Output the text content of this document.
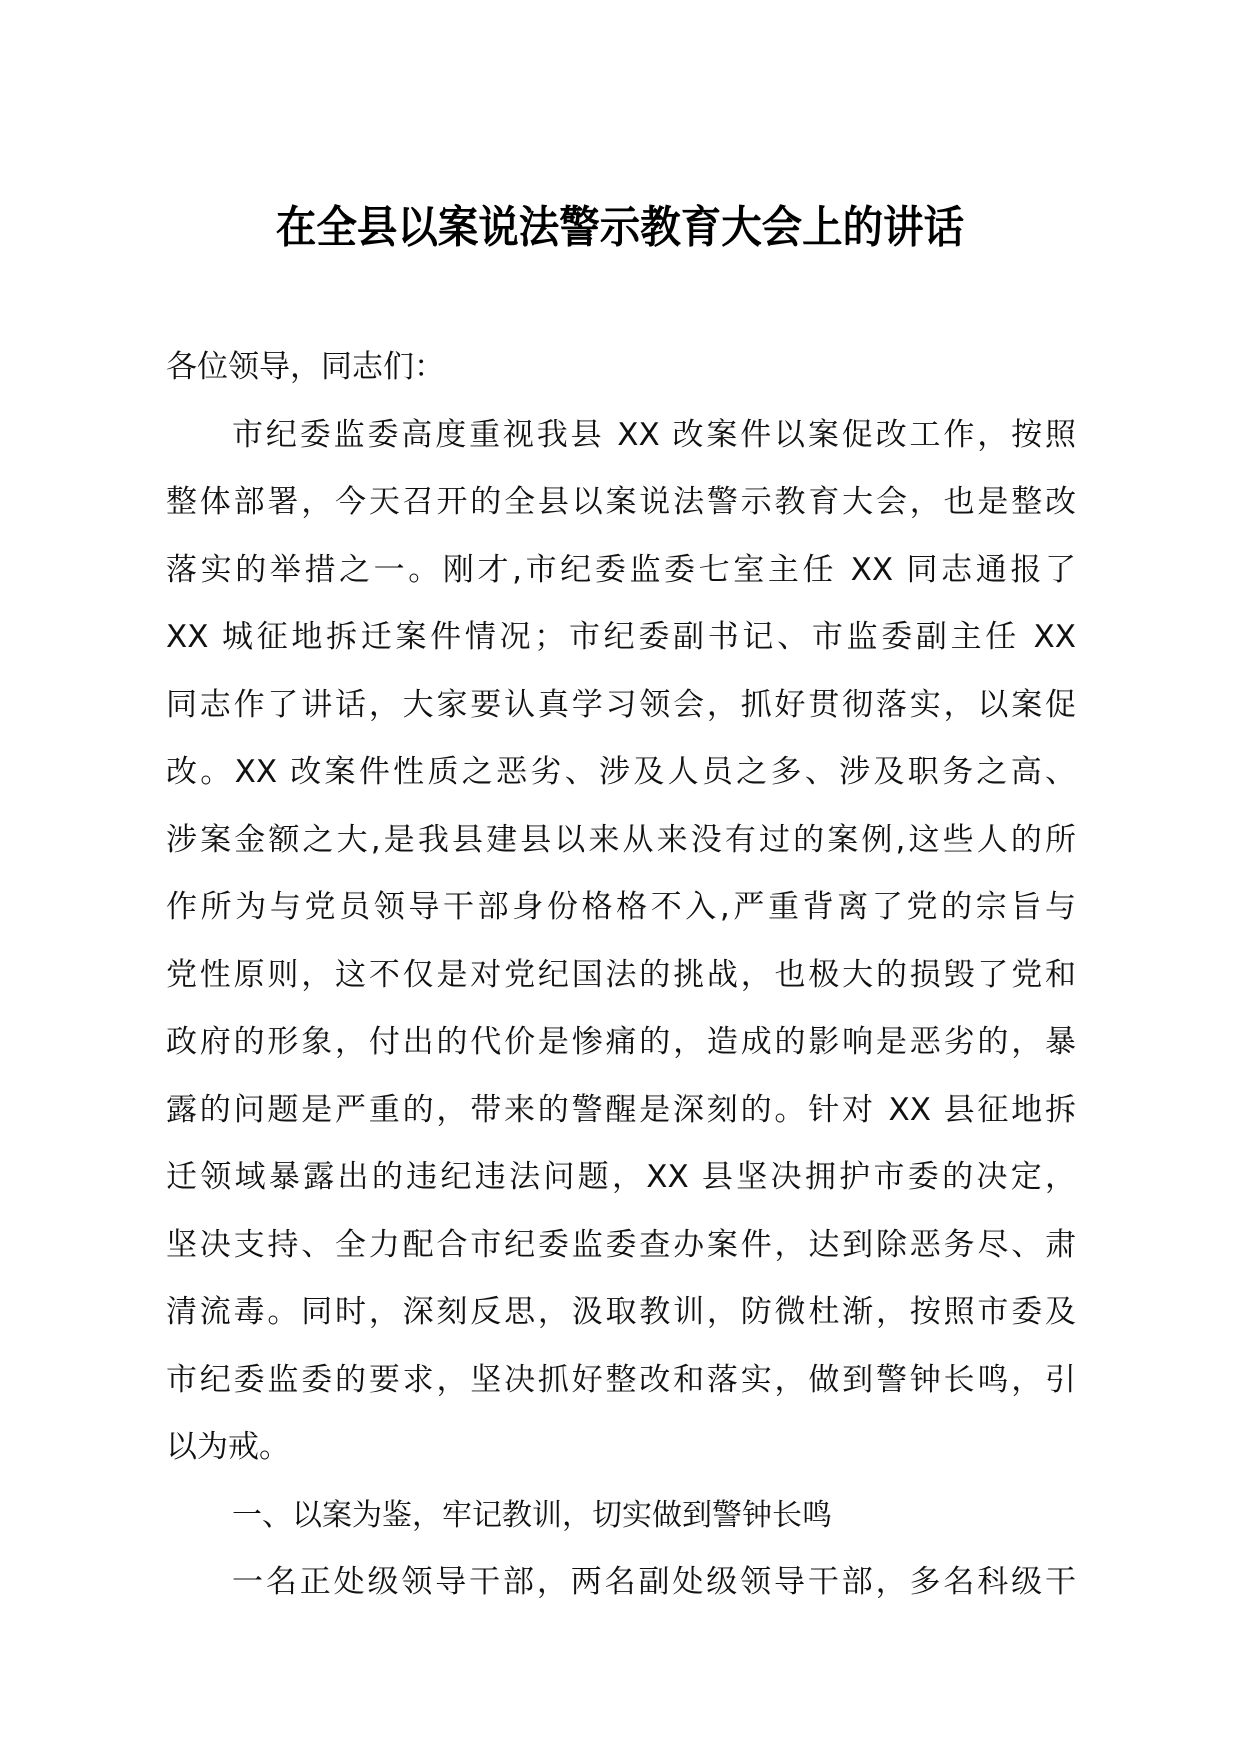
在全县以案说法警示教育大会上的讲话
各位领导，同志们：
市纪委监委高度重视我县 XX 改案件以案促改工作，按照
整体部署，今天召开的全县以案说法警示教育大会，也是整改
落实的举措之一。刚才,市纪委监委七室主任 XX 同志通报了
XX 城征地拆迁案件情况；市纪委副书记、市监委副主任 XX
同志作了讲话，大家要认真学习领会，抓好贯彻落实，以案促
改。XX 改案件性质之恶劣、涉及人员之多、涉及职务之高、
涉案金额之大,是我县建县以来从来没有过的案例,这些人的所
作所为与党员领导干部身份格格不入,严重背离了党的宗旨与
党性原则，这不仅是对党纪国法的挑战，也极大的损毁了党和
政府的形象，付出的代价是惨痛的，造成的影响是恶劣的，暴
露的问题是严重的，带来的警醒是深刻的。针对 XX 县征地拆
迁领域暴露出的违纪违法问题，XX 县坚决拥护市委的决定，
坚决支持、全力配合市纪委监委查办案件，达到除恶务尽、肃
清流毒。同时，深刻反思，汲取教训，防微杜渐，按照市委及
市纪委监委的要求，坚决抓好整改和落实，做到警钟长鸣，引
以为戒。
一、以案为鉴，牢记教训，切实做到警钟长鸣
一名正处级领导干部，两名副处级领导干部，多名科级干
